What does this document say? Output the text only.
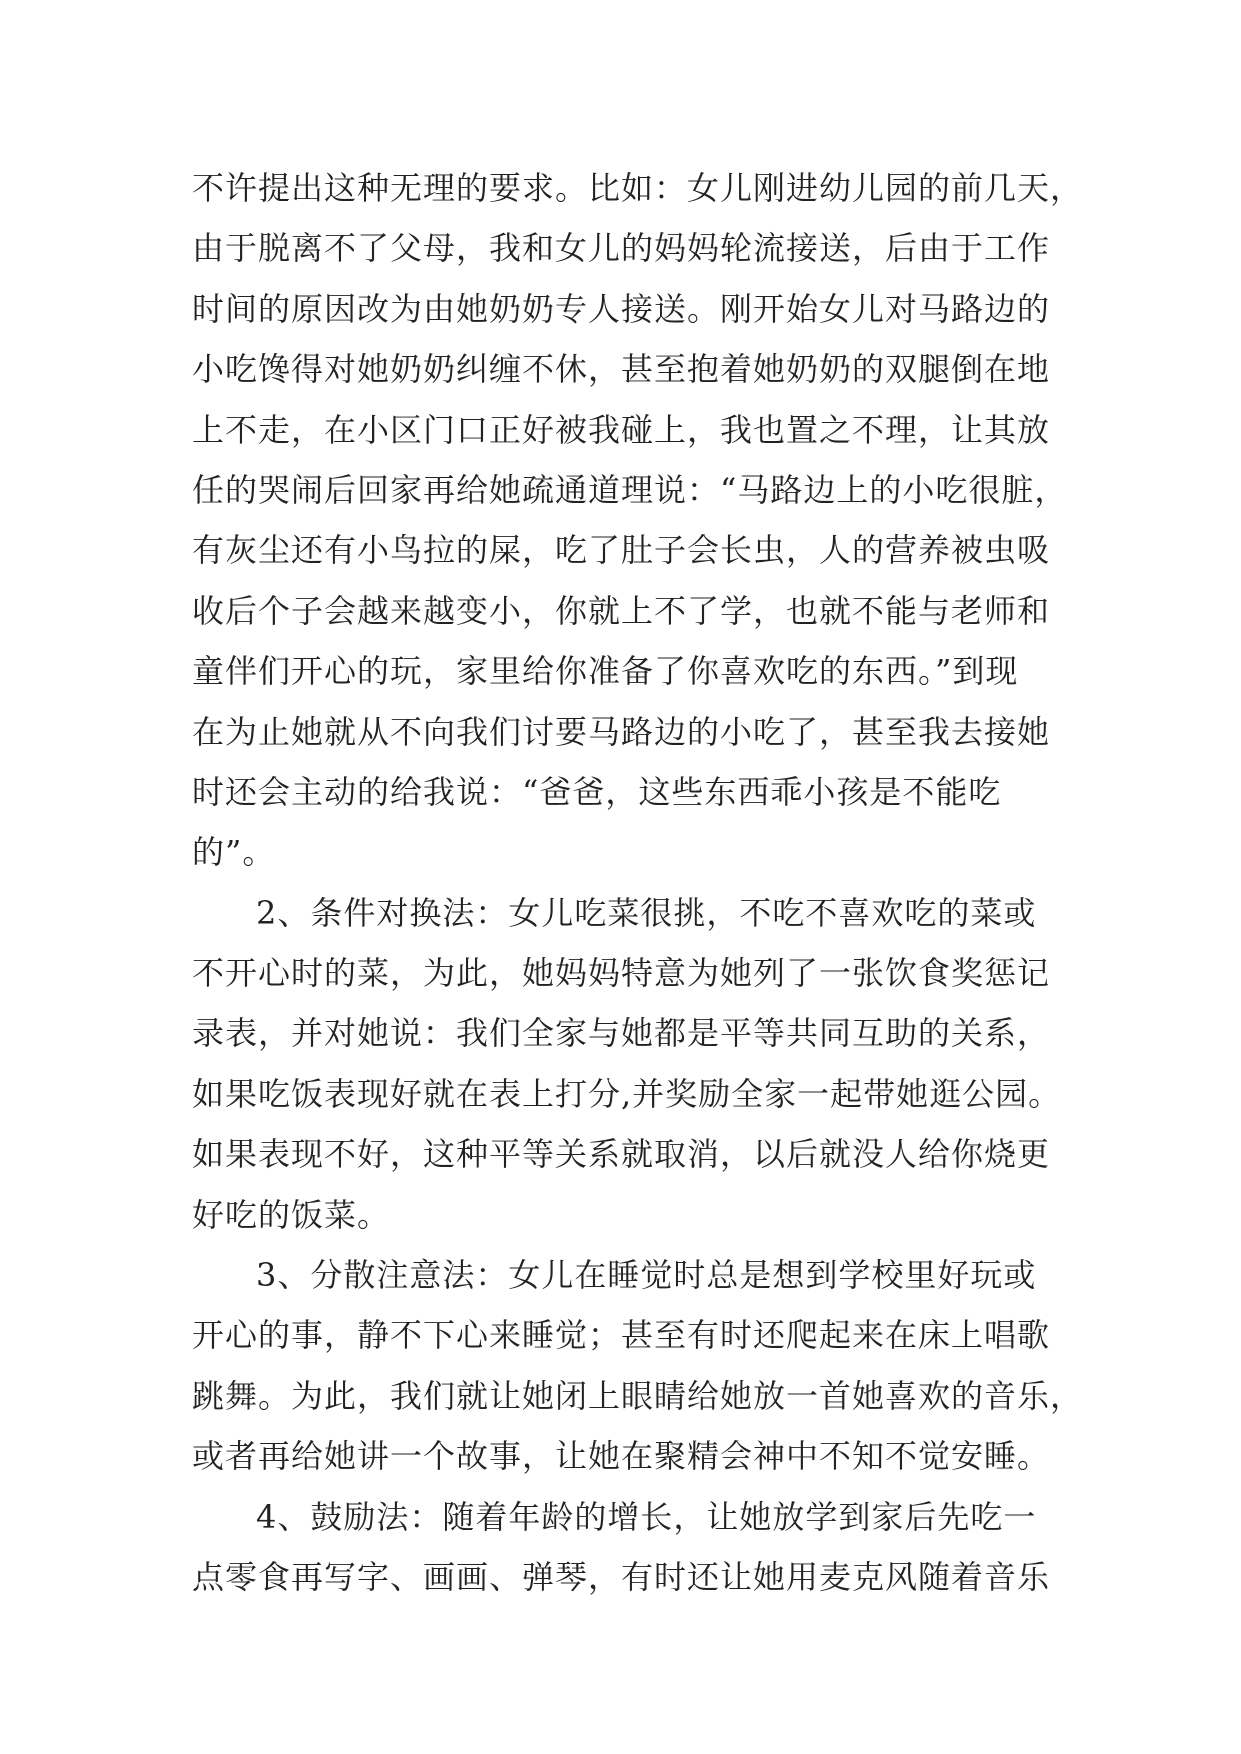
不许提出这种无理的要求。比如：女儿刚进幼儿园的前几天，
由于脱离不了父母，我和女儿的妈妈轮流接送，后由于工作
时间的原因改为由她奶奶专人接送。刚开始女儿对马路边的
小吃馋得对她奶奶纠缠不休，甚至抱着她奶奶的双腿倒在地
上不走，在小区门口正好被我碰上，我也置之不理，让其放
任的哭闹后回家再给她疏通道理说：“马路边上的小吃很脏，
有灰尘还有小鸟拉的屎，吃了肚子会长虫，人的营养被虫吸
收后个子会越来越变小，你就上不了学，也就不能与老师和
童伴们开心的玩，家里给你准备了你喜欢吃的东西。”到现
在为止她就从不向我们讨要马路边的小吃了，甚至我去接她
时还会主动的给我说：“爸爸，这些东西乖小孩是不能吃
的”。
2、条件对换法：女儿吃菜很挑，不吃不喜欢吃的菜或
不开心时的菜，为此，她妈妈特意为她列了一张饮食奖惩记
录表，并对她说：我们全家与她都是平等共同互助的关系，
如果吃饭表现好就在表上打分,并奖励全家一起带她逛公园。
如果表现不好，这种平等关系就取消，以后就没人给你烧更
好吃的饭菜。
3、分散注意法：女儿在睡觉时总是想到学校里好玩或
开心的事，静不下心来睡觉；甚至有时还爬起来在床上唱歌
跳舞。为此，我们就让她闭上眼睛给她放一首她喜欢的音乐，
或者再给她讲一个故事，让她在聚精会神中不知不觉安睡。
4、鼓励法：随着年龄的增长，让她放学到家后先吃一
点零食再写字、画画、弹琴，有时还让她用麦克风随着音乐
